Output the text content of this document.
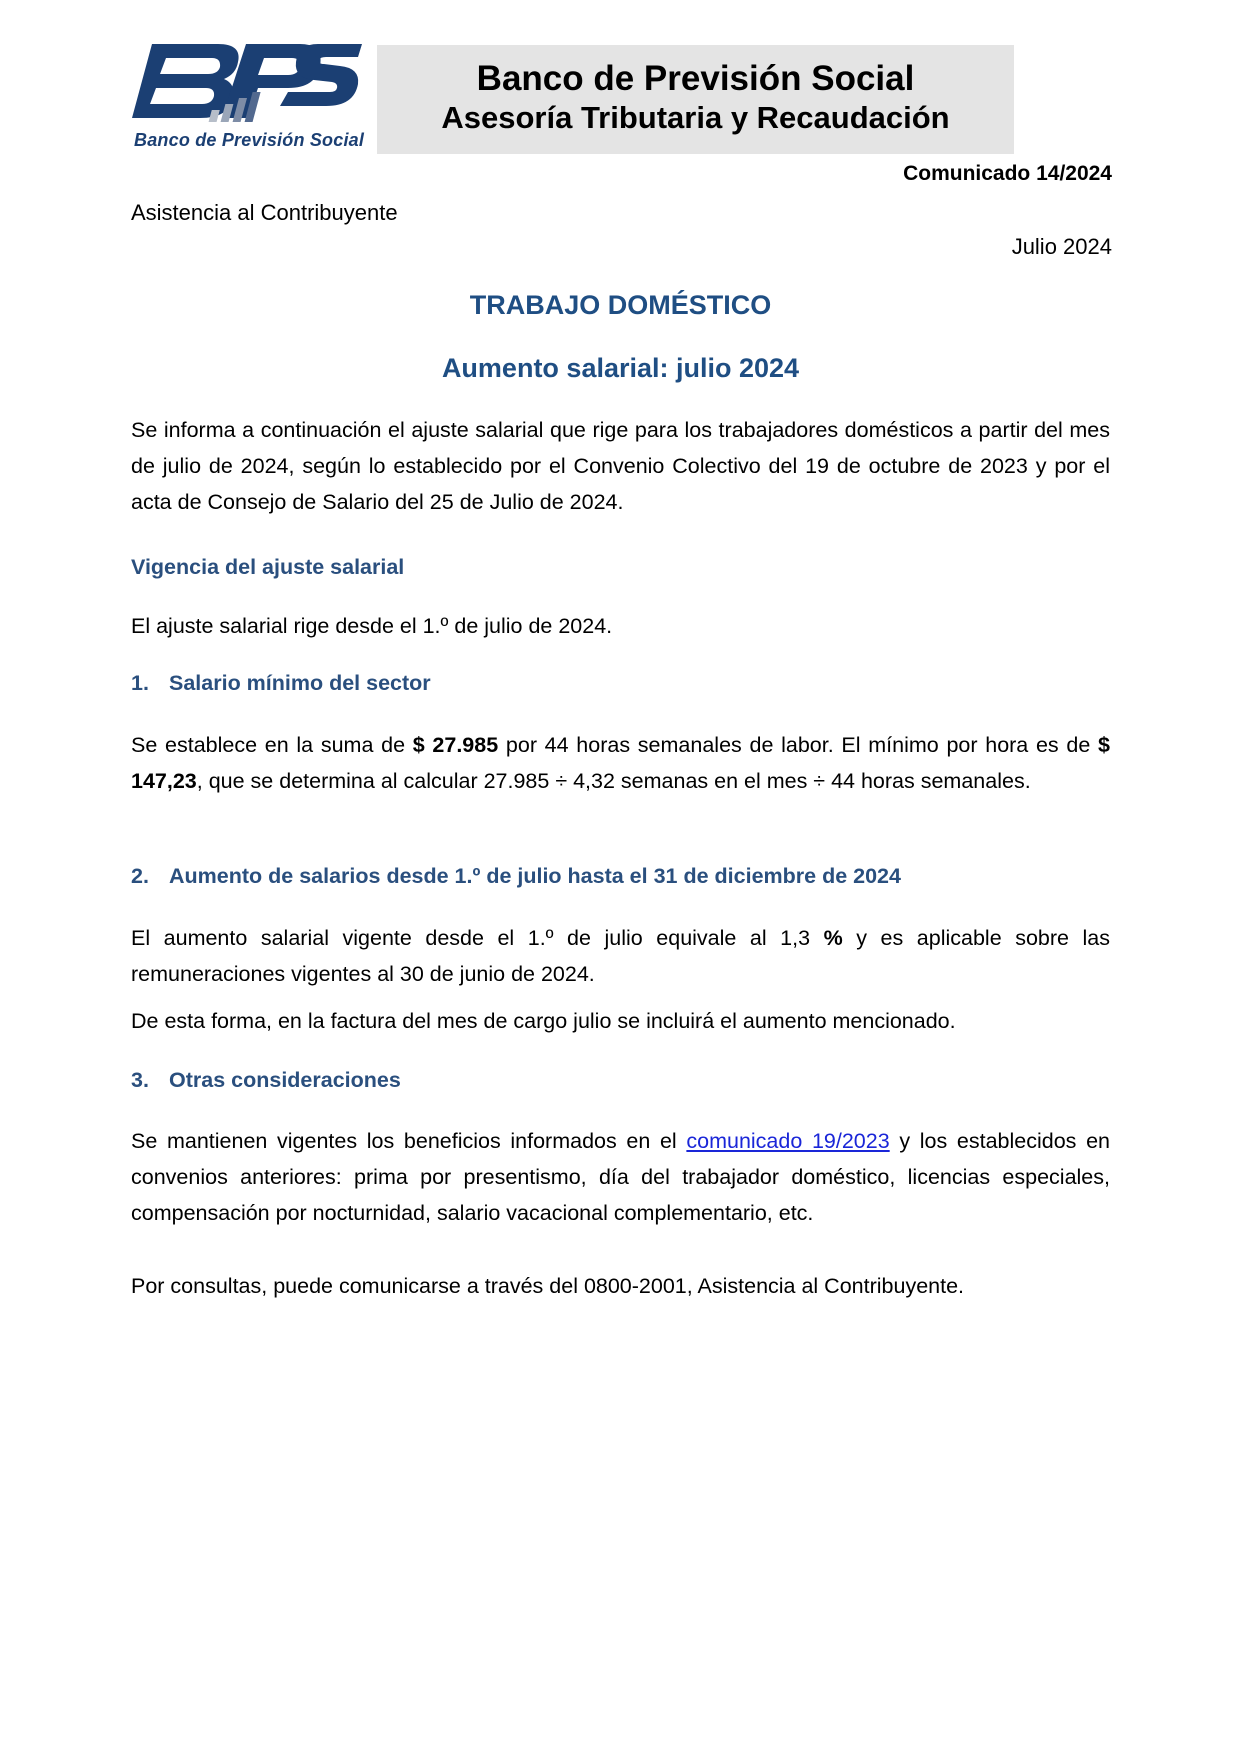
Banco de Previsión Social
Banco de Previsión Social
Asesoría Tributaria y Recaudación
Comunicado 14/2024
Asistencia al Contribuyente
Julio 2024
TRABAJO DOMÉSTICO
Aumento salarial: julio 2024
Se informa a continuación el ajuste salarial que rige para los trabajadores domésticos a partir del mes de julio de 2024, según lo establecido por el Convenio Colectivo del 19 de octubre de 2023 y por el acta de Consejo de Salario del 25 de Julio de 2024.
Vigencia del ajuste salarial
El ajuste salarial rige desde el 1.º de julio de 2024.
1. Salario mínimo del sector
Se establece en la suma de $ 27.985 por 44 horas semanales de labor. El mínimo por hora es de $ 147,23, que se determina al calcular 27.985 ÷ 4,32 semanas en el mes ÷ 44 horas semanales.
2. Aumento de salarios desde 1.º de julio hasta el 31 de diciembre de 2024
El aumento salarial vigente desde el 1.º de julio equivale al 1,3 % y es aplicable sobre las remuneraciones vigentes al 30 de junio de 2024.
De esta forma, en la factura del mes de cargo julio se incluirá el aumento mencionado.
3. Otras consideraciones
Se mantienen vigentes los beneficios informados en el comunicado 19/2023 y los establecidos en convenios anteriores: prima por presentismo, día del trabajador doméstico, licencias especiales, compensación por nocturnidad, salario vacacional complementario, etc.
Por consultas, puede comunicarse a través del 0800-2001, Asistencia al Contribuyente.
